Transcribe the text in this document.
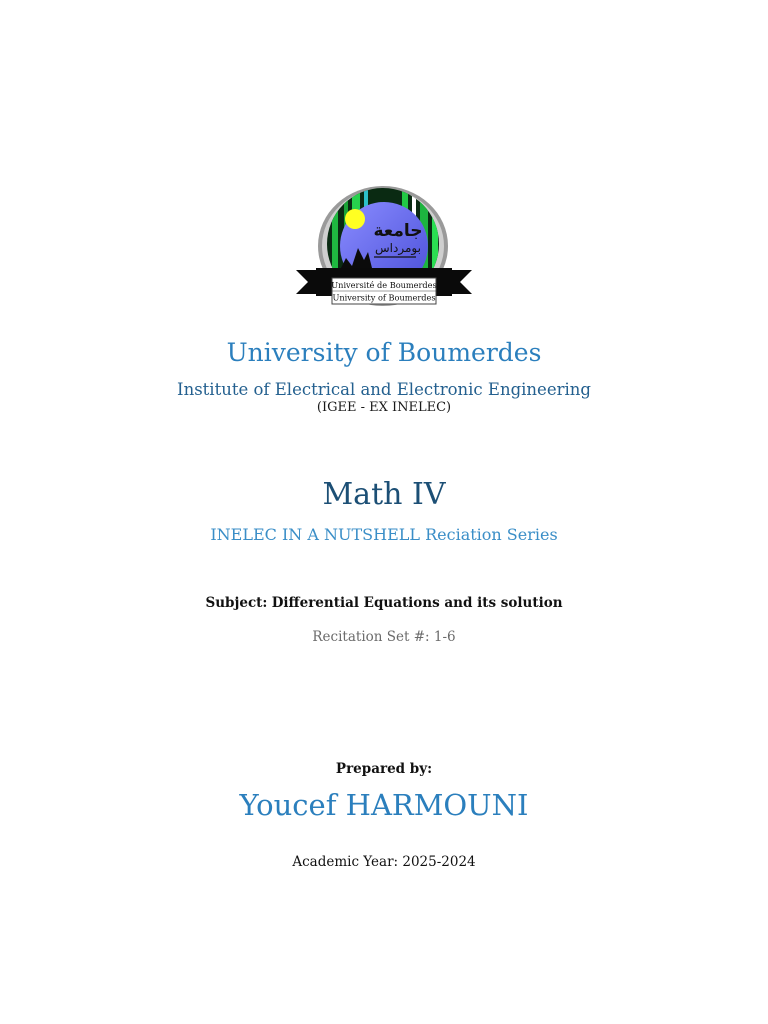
جامعة
بومرداس
Université de Boumerdes
University of Boumerdes
University of Boumerdes
Institute of Electrical and Electronic Engineering
(IGEE - EX INELEC)
Math IV
INELEC IN A NUTSHELL Reciation Series
Subject: Differential Equations and its solution
Recitation Set #: 1-6
Prepared by:
Youcef HARMOUNI
Academic Year: 2025-2024
